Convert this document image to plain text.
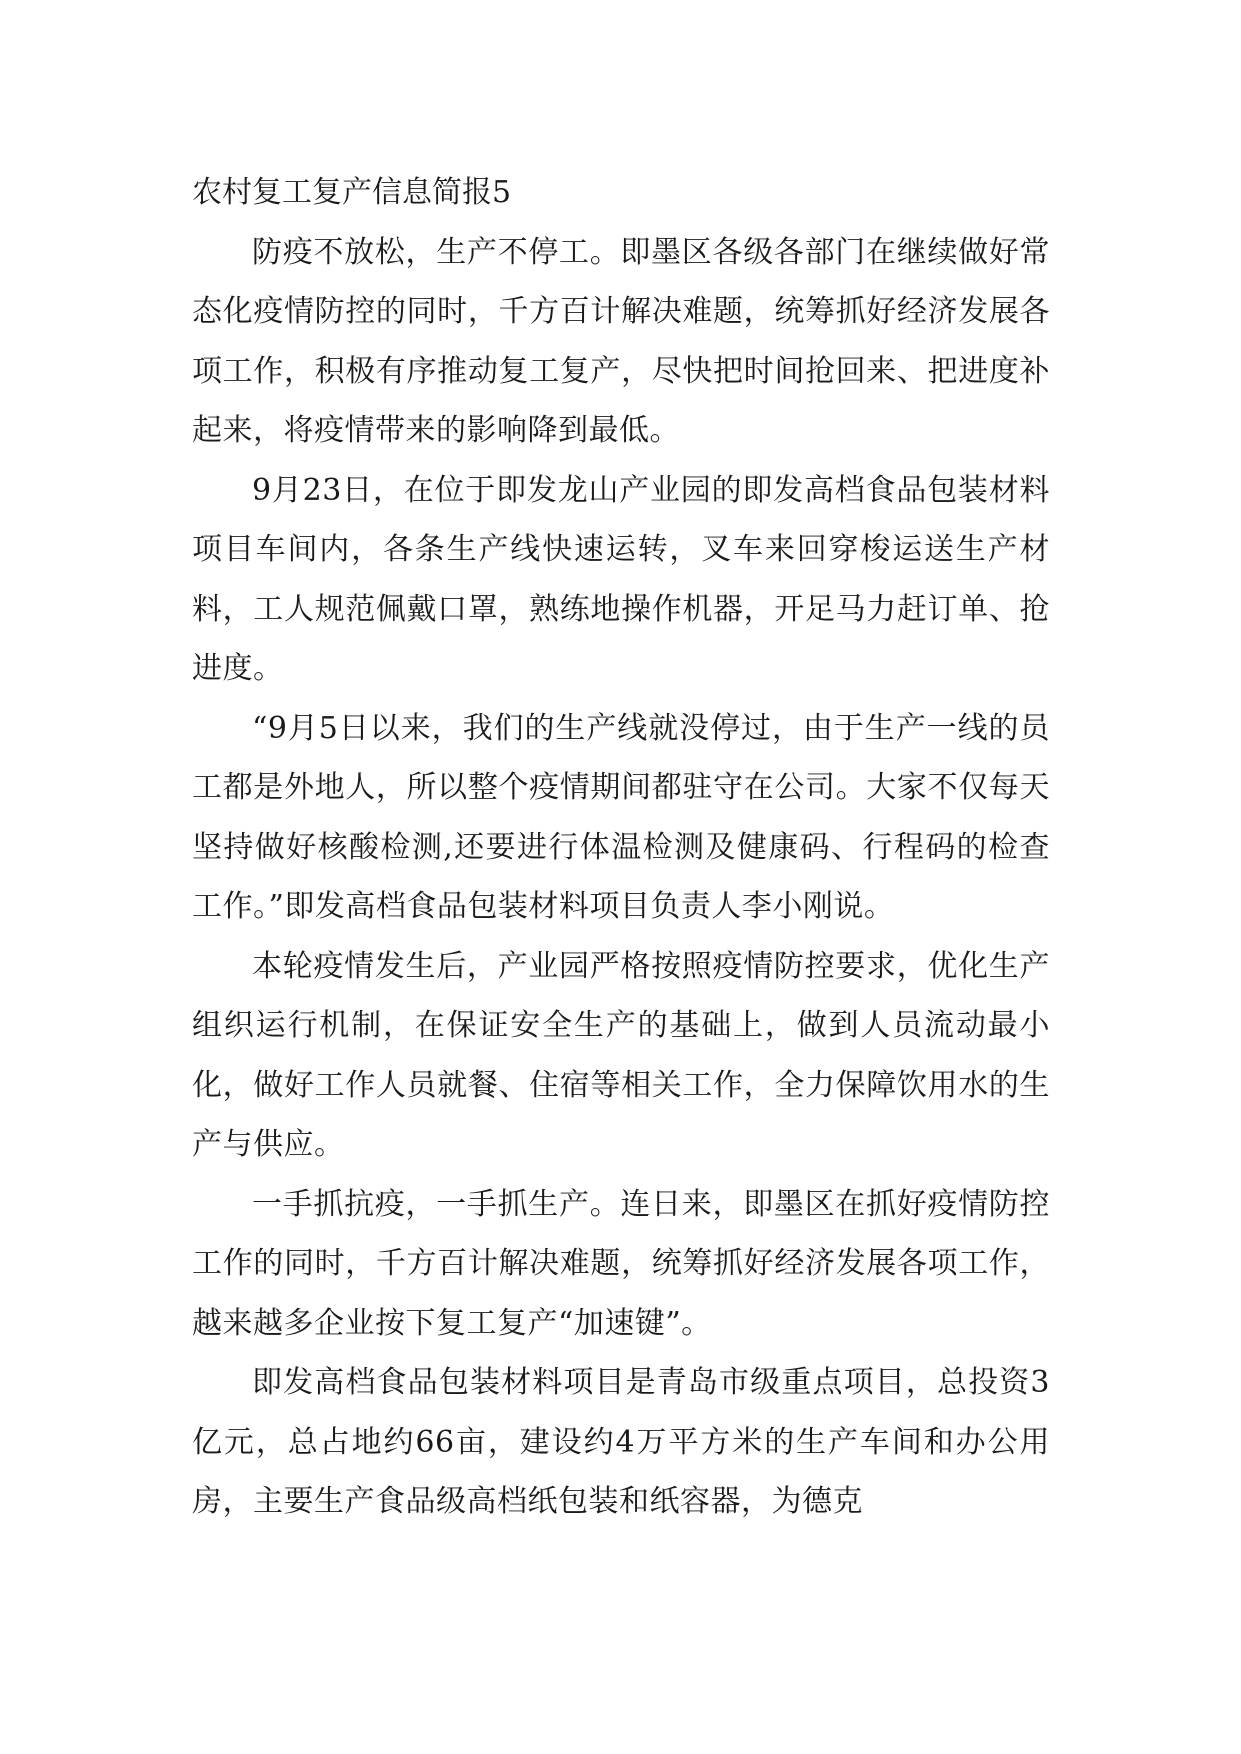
农村复工复产信息简报5

防疫不放松，生产不停工。即墨区各级各部门在继续做好常态化疫情防控的同时，千方百计解决难题，统筹抓好经济发展各项工作，积极有序推动复工复产，尽快把时间抢回来、把进度补起来，将疫情带来的影响降到最低。

9月23日，在位于即发龙山产业园的即发高档食品包装材料项目车间内，各条生产线快速运转，叉车来回穿梭运送生产材料，工人规范佩戴口罩，熟练地操作机器，开足马力赶订单、抢进度。

“9月5日以来，我们的生产线就没停过，由于生产一线的员工都是外地人，所以整个疫情期间都驻守在公司。大家不仅每天坚持做好核酸检测,还要进行体温检测及健康码、行程码的检查工作。”即发高档食品包装材料项目负责人李小刚说。

本轮疫情发生后，产业园严格按照疫情防控要求，优化生产组织运行机制，在保证安全生产的基础上，做到人员流动最小化，做好工作人员就餐、住宿等相关工作，全力保障饮用水的生产与供应。

一手抓抗疫，一手抓生产。连日来，即墨区在抓好疫情防控工作的同时，千方百计解决难题，统筹抓好经济发展各项工作，越来越多企业按下复工复产“加速键”。

即发高档食品包装材料项目是青岛市级重点项目，总投资3亿元，总占地约66亩，建设约4万平方米的生产车间和办公用房，主要生产食品级高档纸包装和纸容器，为德克
